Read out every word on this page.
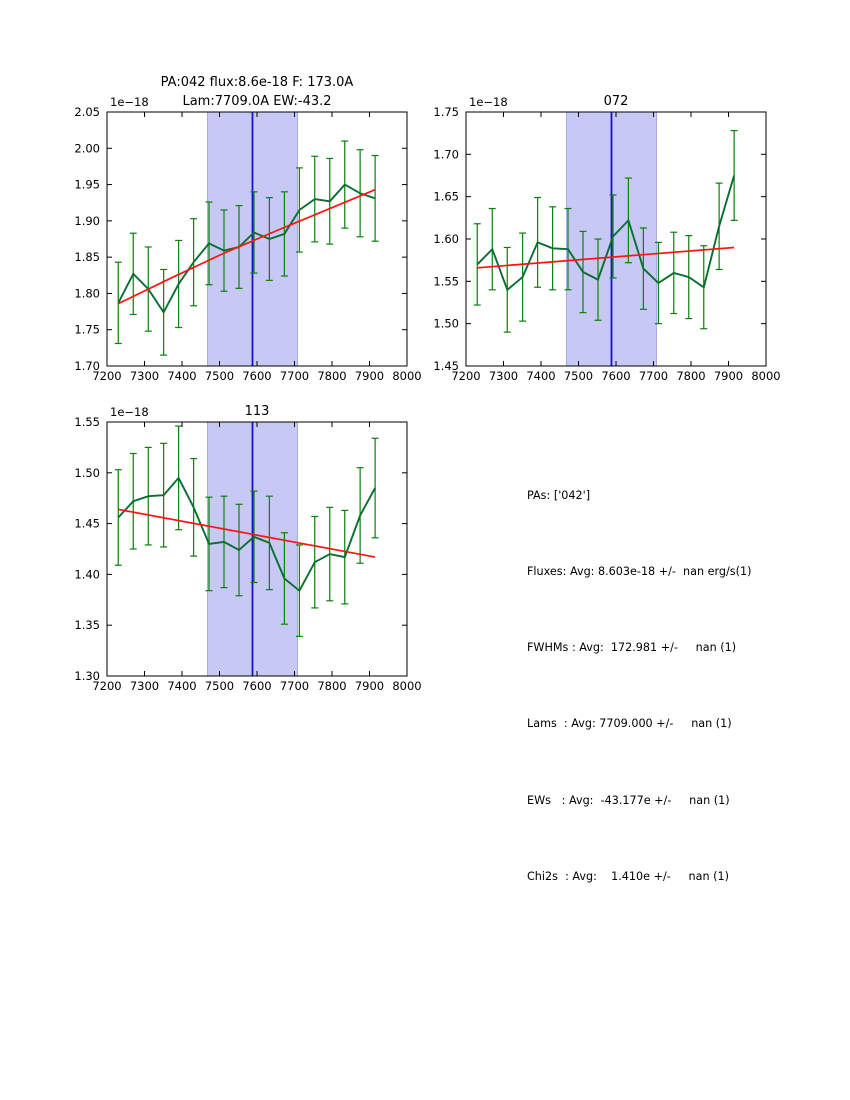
7200 7300 7400 7500 7600 7700 7800 7900 8000
1.70
1.75
1.80
1.85
1.90
1.95
2.00
2.05
1e−18
PA:042 flux:8.6e-18 F: 173.0A
Lam:7709.0A EW:-43.2
7200 7300 7400 7500 7600 7700 7800 7900 8000
1.45
1.50
1.55
1.60
1.65
1.70
1.75
1e−18	072
7200 7300 7400 7500 7600 7700 7800 7900 8000
1.30
1.35
1.40
1.45
1.50
1.55
1e−18	113

PAs: ['042']

Fluxes: Avg: 8.603e-18 +/-  nan erg/s(1)

FWHMs : Avg:  172.981 +/-     nan (1)

Lams  : Avg: 7709.000 +/-     nan (1)

EWs   : Avg:  -43.177e +/-     nan (1)

Chi2s  : Avg:    1.410e +/-     nan (1)
